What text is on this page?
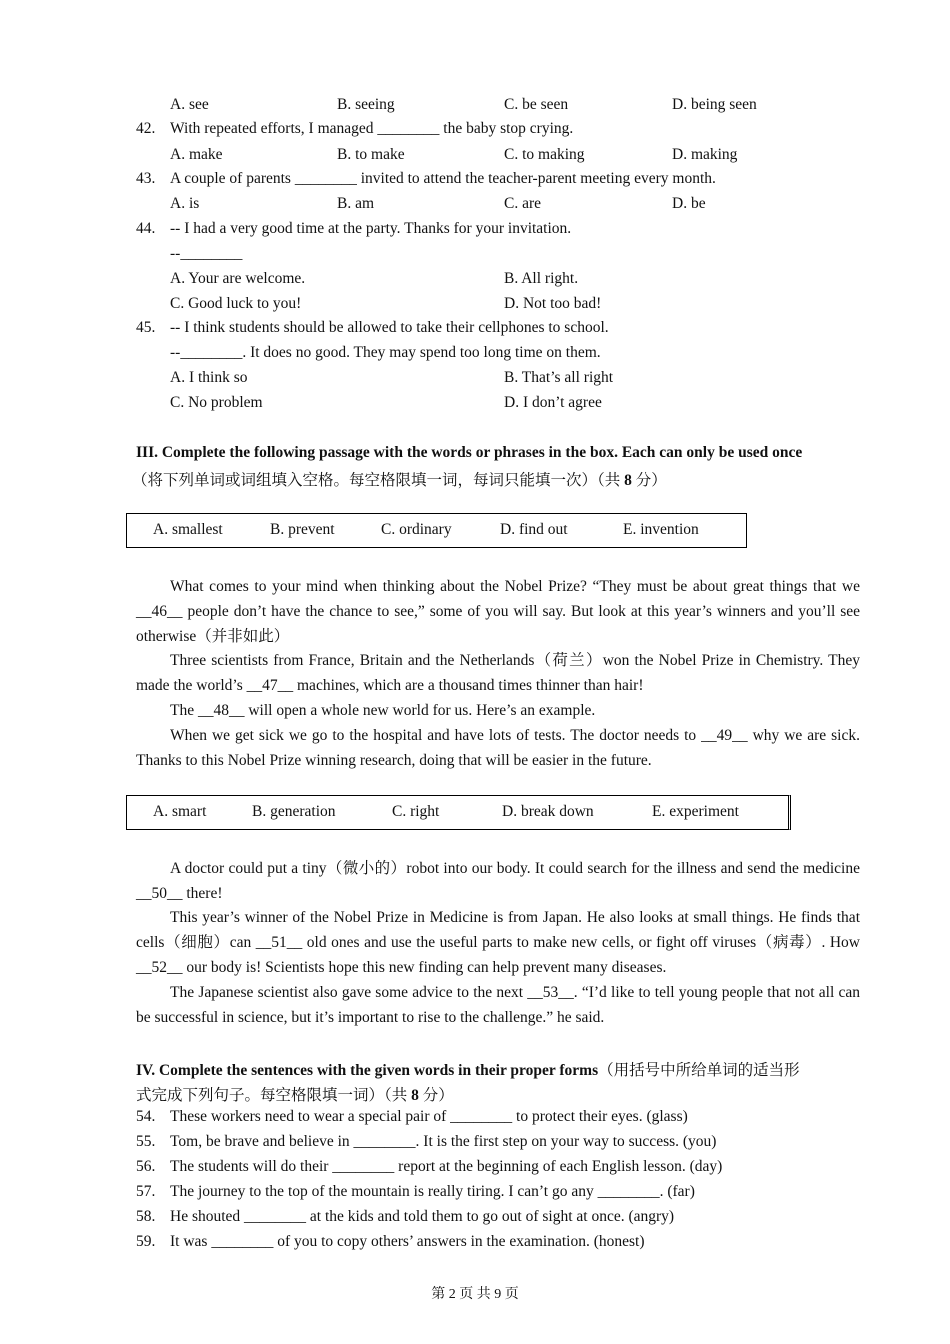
A. see	B. seeing	C. be seen	D. being seen
42. With repeated efforts, I managed ________ the baby stop crying.
A. make	B. to make	C. to making	D. making
43. A couple of parents ________ invited to attend the teacher-parent meeting every month.
A. is	B. am	C. are	D. be
44. -- I had a very good time at the party. Thanks for your invitation.
--________
A. Your are welcome.	B. All right.
C. Good luck to you!	D. Not too bad!
45. -- I think students should be allowed to take their cellphones to school.
--________. It does no good. They may spend too long time on them.
A. I think so	B. That’s all right
C. No problem	D. I don’t agree
III. Complete the following passage with the words or phrases in the box. Each can only be used once
（将下列单词或词组填入空格。每空格限填一词，每词只能填一次）（共 8 分）
A. smallest	B. prevent	C. ordinary	D. find out	E. invention
What comes to your mind when thinking about the Nobel Prize? “They must be about great things that we __46__ people don’t have the chance to see,” some of you will say. But look at this year’s winners and you’ll see otherwise（并非如此）
Three scientists from France, Britain and the Netherlands（荷兰）won the Nobel Prize in Chemistry. They made the world’s __47__ machines, which are a thousand times thinner than hair!
The __48__ will open a whole new world for us. Here’s an example.
When we get sick we go to the hospital and have lots of tests. The doctor needs to __49__ why we are sick. Thanks to this Nobel Prize winning research, doing that will be easier in the future.
A. smart	B. generation	C. right	D. break down	E. experiment
A doctor could put a tiny（微小的）robot into our body. It could search for the illness and send the medicine __50__ there!
This year’s winner of the Nobel Prize in Medicine is from Japan. He also looks at small things. He finds that cells（细胞）can __51__ old ones and use the useful parts to make new cells, or fight off viruses（病毒）. How __52__ our body is! Scientists hope this new finding can help prevent many diseases.
The Japanese scientist also gave some advice to the next __53__. “I’d like to tell young people that not all can be successful in science, but it’s important to rise to the challenge.” he said.
IV. Complete the sentences with the given words in their proper forms（用括号中所给单词的适当形
式完成下列句子。每空格限填一词）（共 8 分）
54. These workers need to wear a special pair of ________ to protect their eyes. (glass)
55. Tom, be brave and believe in ________. It is the first step on your way to success. (you)
56. The students will do their ________ report at the beginning of each English lesson. (day)
57. The journey to the top of the mountain is really tiring. I can’t go any ________. (far)
58. He shouted ________ at the kids and told them to go out of sight at once. (angry)
59. It was ________ of you to copy others’ answers in the examination. (honest)
第 2 页 共 9 页
